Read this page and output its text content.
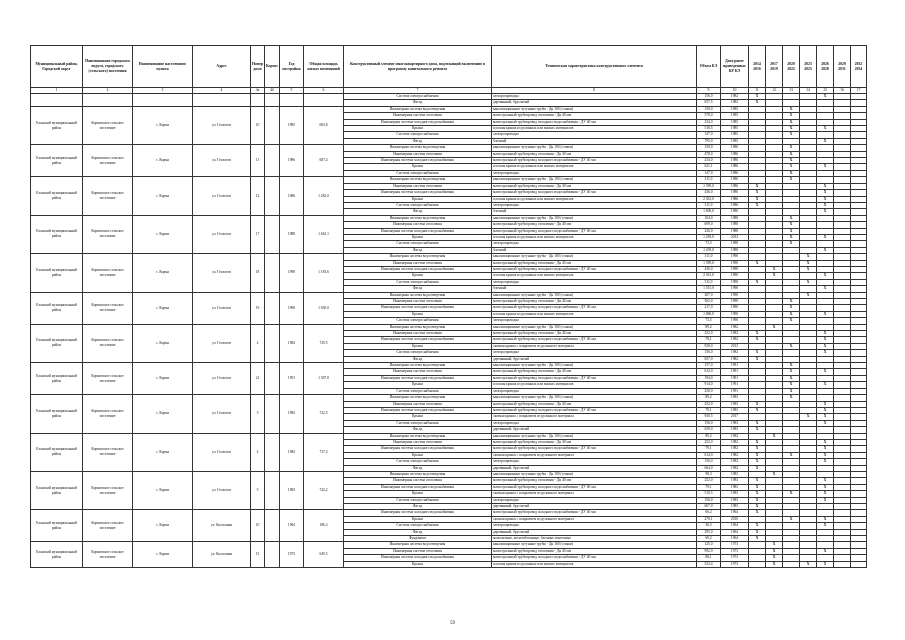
Муниципальный район, Городской округ	Наименование городского округа, городского (сельского) поселения	Наименование населенного пункта	Адрес	Номер дома	Корпус	Год постройки	Общая площадь жилых помещений	Конструктивный элемент многоквартирного дома, подлежащий включению в программу капитального ремонта	Техническая характеристика конструктивного элемента	Объем КЭ	Дата ранее проведенных КР КЭ	2014 2016	2017 2019	2020 2022	2023 2025	2026 2028	2029 2031	2032 2034
1	2	3	4	4a	4б	5	6	7	8	9	10	11	12	13	14	15	16	17
								Система электроснабжения	электропроводка	156,0	1982	X				X		
								Фасад	деревянный, брусчатый	657,5	1982	X						
Еланский муниципальный район	Кормовское сельское поселение	с. Корма	ул. Геологов	10		1985	683,8	Инженерная система водоотведения	канализационные чугунные трубы - Дн 100 (стояки)	150,0	1985			X				
								Инженерная система отопления	магистральный трубопровод отопления - Дн 40 мм	578,0	1985			X				
								Инженерная система холодного водоснабжения	магистральный трубопровод холодного водоснабжения - ДУ 40 мм	234,0	1985			X				
								Крыша	плоская крыша из рулонных или мягких материалов	518,5	1985			X		X		
								Система электроснабжения	электропроводка	147,0	1985			X				
								Фасад	блочный	795,0	1985					X		
Еланский муниципальный район	Кормовское сельское поселение	с. Корма	ул. Геологов	11		1986	687,4	Инженерная система водоотведения	канализационные чугунные трубы - Дн 100 (стояки)	150,0	1986			X				
								Инженерная система отопления	магистральный трубопровод отопления - Дн 40 мм	478,0	1986			X				
								Инженерная система холодного водоснабжения	магистральный трубопровод холодного водоснабжения - ДУ 40 мм	234,0	1986			X				
								Крыша	плоская крыша из рулонных или мягких материалов	621,1	1986			X		X		
								Система электроснабжения	электропроводка	147,0	1986			X				
Еланский муниципальный район	Кормовское сельское поселение	с. Корма	ул. Геологов	12		1986	1 282,0	Инженерная система водоотведения	канализационные чугунные трубы - Дн 100 (стояки)	311,0	1986			X				
								Инженерная система отопления	магистральный трубопровод отопления - Дн 40 мм	1 399,0	1986	X				X		
								Инженерная система холодного водоснабжения	магистральный трубопровод холодного водоснабжения - ДУ 40 мм	436,0	1986	X				X		
								Крыша	плоская крыша из рулонных или мягких материалов	2 361,0	1986	X				X		
								Система электроснабжения	электропроводка	311,0	1986	X				X		
								Фасад	блочный	1 600,0	1986					X		
Еланский муниципальный район	Кормовское сельское поселение	с. Корма	ул. Геологов	17		1988	1 643,1	Инженерная система водоотведения	канализационные чугунные трубы - Дн 100 (стояки)	104,0	1988			X				
								Инженерная система отопления	магистральный трубопровод отопления - Дн 40 мм	699,0	1988			X				
								Инженерная система холодного водоснабжения	магистральный трубопровод холодного водоснабжения - ДУ 40 мм	226,0	1988			X				
								Крыша	плоская крыша из рулонных или мягких материалов	1 439,0	2012			X		X		
								Система электроснабжения	электропроводка	73,5	1988			X				
								Фасад	блочный	1 439,0	1988					X		
Еланский муниципальный район	Кормовское сельское поселение	с. Корма	ул. Геологов	18		1990	1 183,6	Инженерная система водоотведения	канализационные чугунные трубы - Дн 100 (стояки)	311,0	1990				X			
								Инженерная система отопления	магистральный трубопровод отопления - Дн 40 мм	1 399,0	1990	X			X			
								Инженерная система холодного водоснабжения	магистральный трубопровод холодного водоснабжения - ДУ 40 мм	436,0	1990		X		X			
								Крыша	плоская крыша из рулонных или мягких материалов	2 361,0	1990		X			X		
								Система электроснабжения	электропроводка	311,0	1990	X			X			
								Фасад	блочный	1 551,0	1990					X		
Еланский муниципальный район	Кормовское сельское поселение	с. Корма	ул. Геологов	19		1990	1 650,0	Инженерная система водоотведения	канализационные чугунные трубы - Дн 100 (стояки)	207,0	1990				X			
								Инженерная система отопления	магистральный трубопровод отопления - Дн 40 мм	562,0	1990			X				
								Инженерная система холодного водоснабжения	магистральный трубопровод холодного водоснабжения - ДУ 40 мм	217,0	1990			X				
								Крыша	плоская крыша из рулонных или мягких материалов	1 860,0	1990			X		X		
								Система электроснабжения	электропроводка	73,5	1990			X				
Еланский муниципальный район	Кормовское сельское поселение	с. Корма	ул. Геологов	2		1982	729,5	Инженерная система водоотведения	канализационные чугунные трубы - Дн 100 (стояки)	89,2	1982		X					
								Инженерная система отопления	магистральный трубопровод отопления - Дн 40 мм	252,0	1982	X				X		
								Инженерная система холодного водоснабжения	магистральный трубопровод холодного водоснабжения - ДУ 40 мм	78,1	1982	X				X		
								Крыша	скатная крыша с покрытием из рулонного материала	930,0	2013			X		X		
								Система электроснабжения	электропроводка	156,0	1982	X				X		
								Фасад	деревянный, брусчатый	657,0	1982	X						
Еланский муниципальный район	Кормовское сельское поселение	с. Корма	ул. Геологов	21		1991	1 307,8	Инженерная система водоотведения	канализационные чугунные трубы - Дн 100 (стояки)	157,0	1991			X				
								Инженерная система отопления	магистральный трубопровод отопления - Дн 40 мм	612,0	1991			X		X		
								Инженерная система холодного водоснабжения	магистральный трубопровод холодного водоснабжения - ДУ 40 мм	194,0	1991			X				
								Крыша	плоская крыша из рулонных или мягких материалов	914,0	1991			X		X		
								Система электроснабжения	электропроводка	230,0	1991			X				
Еланский муниципальный район	Кормовское сельское поселение	с. Корма	ул. Геологов	3		1983	722,5	Инженерная система водоотведения	канализационные чугунные трубы - Дн 100 (стояки)	89,2	1983			X				
								Инженерная система отопления	магистральный трубопровод отопления - Дн 40 мм	252,0	1983	X				X		
								Инженерная система холодного водоснабжения	магистральный трубопровод холодного водоснабжения - ДУ 40 мм	79,1	1983	X				X		
								Крыша	скатная крыша с покрытием из рулонного материала	930,5	2017				X	X		
								Система электроснабжения	электропроводка	156,0	1983	X				X		
								Фасад	деревянный, брусчатый	659,0	1983	X						
Еланский муниципальный район	Кормовское сельское поселение	с. Корма	ул. Геологов	4		1982	737,3	Инженерная система водоотведения	канализационные чугунные трубы - Дн 100 (стояки)	89,2	1982		X					
								Инженерная система отопления	магистральный трубопровод отопления - Дн 40 мм	252,0	1982	X				X		
								Инженерная система холодного водоснабжения	магистральный трубопровод холодного водоснабжения - ДУ 40 мм	79,1	1982	X				X		
								Крыша	скатная крыша с покрытием из рулонного материала	614,0	1982	X		X		X		
								Система электроснабжения	электропроводка	156,0	1982	X				X		
								Фасад	деревянный, брусчатый	664,0	1982	X						
Еланский муниципальный район	Кормовское сельское поселение	с. Корма	ул. Геологов	5		1983	742,2	Инженерная система водоотведения	канализационные чугунные трубы - Дн 100 (стояки)	98,3	1983		X					
								Инженерная система отопления	магистральный трубопровод отопления - Дн 40 мм	252,0	1983	X				X		
								Инженерная система холодного водоснабжения	магистральный трубопровод холодного водоснабжения - ДУ 40 мм	79,1	1983	X				X		
								Крыша	скатная крыша с покрытием из рулонного материала	510,5	1983	X		X		X		
								Система электроснабжения	электропроводка	156,0	1983	X				X		
								Фасад	деревянный, брусчатый	667,0	1983	X						
Еланский муниципальный район	Кормовское сельское поселение	с. Корма	ул. Колхозная	10		1964	186,3	Инженерная система холодного водоснабжения	магистральный трубопровод холодного водоснабжения - ДУ 40 мм	66,2	1964	X						
								Крыша	скатная крыша с покрытием из рулонного материала	270,1	2010			X		X		
								Система электроснабжения	электропроводка	36,5	1964	X				X		
								Фасад	деревянный, брусчатый	295,0	1964	X						
								Фундамент	монолитные, железобетонные, блочные ленточные	69,2	1964	X						
Еланский муниципальный район	Кормовское сельское поселение	с. Корма	ул. Колхозная	15		1973	649,5	Инженерная система водоотведения	канализационные чугунные трубы - Дн 100 (стояки)	125,0	1973		X					
								Инженерная система отопления	магистральный трубопровод отопления - Дн 40 мм	992,0	1973		X			X		
								Инженерная система холодного водоснабжения	магистральный трубопровод холодного водоснабжения - ДУ 40 мм	88,1	1973		X					
								Крыша	плоская крыша из рулонных или мягких материалов	523,4	1973		X		X	X		
59
